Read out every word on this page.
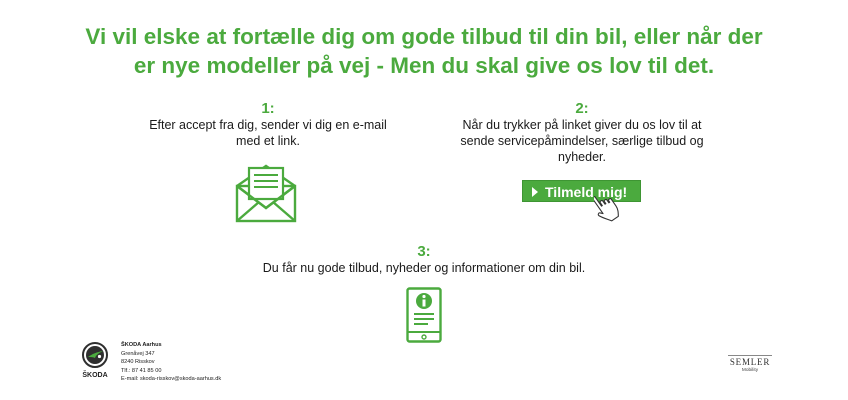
Vi vil elske at fortælle dig om gode tilbud til din bil, eller når der
er nye modeller på vej - Men du skal give os lov til det.
1:
Efter accept fra dig, sender vi dig en e-mail
med et link.
2:
Når du trykker på linket giver du os lov til at
sende servicepåmindelser, særlige tilbud og
nyheder.
Tilmeld mig!
3:
Du får nu gode tilbud, nyheder og informationer om din bil.
ŠKODA
ŠKODA Aarhus
Grenåvej 347
8240 Risskov
Tlf.: 87 41 85 00
E-mail: skoda-risskov@skoda-aarhus.dk
SEMLER
Mobility
